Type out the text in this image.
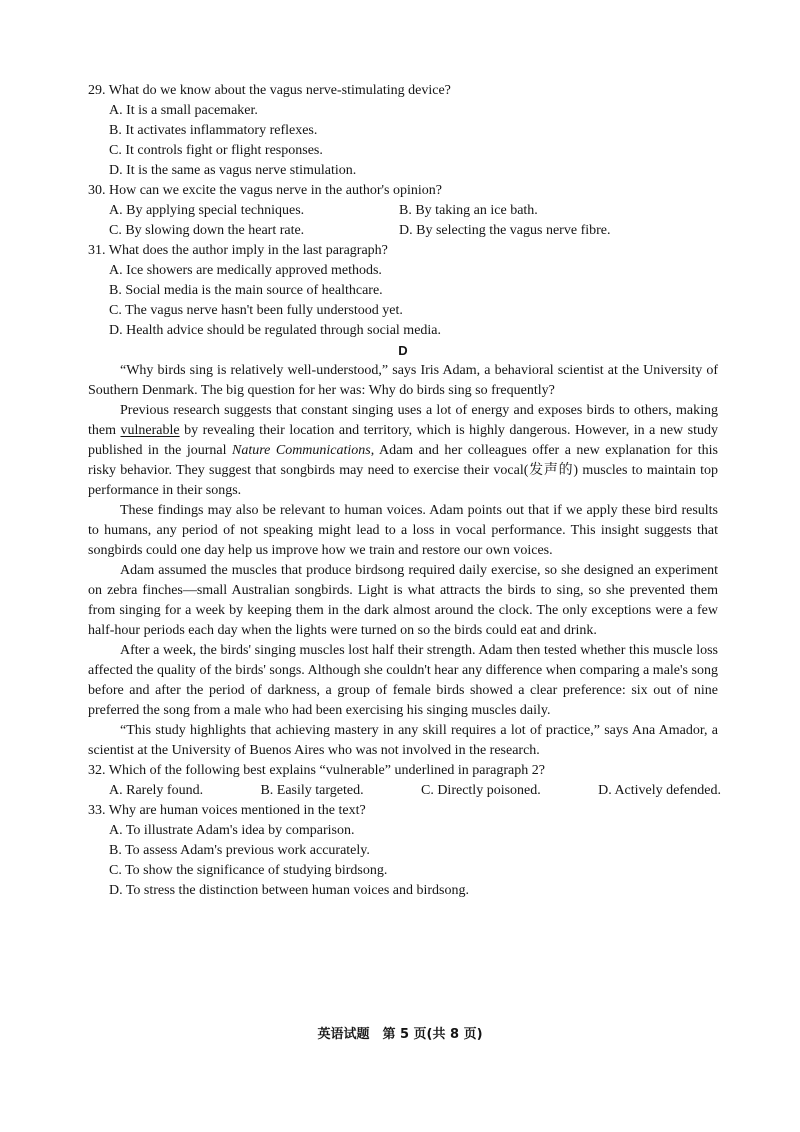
29. What do we know about the vagus nerve-stimulating device?

A. It is a small pacemaker.

B. It activates inflammatory reflexes.

C. It controls fight or flight responses.

D. It is the same as vagus nerve stimulation.

30. How can we excite the vagus nerve in the author's opinion?

A. By applying special techniques.	B. By taking an ice bath.
C. By slowing down the heart rate.	D. By selecting the vagus nerve fibre.

31. What does the author imply in the last paragraph?

A. Ice showers are medically approved methods.

B. Social media is the main source of healthcare.

C. The vagus nerve hasn't been fully understood yet.

D. Health advice should be regulated through social media.

D

“Why birds sing is relatively well-understood,” says Iris Adam, a behavioral scientist at the University of Southern Denmark. The big question for her was: Why do birds sing so frequently?

Previous research suggests that constant singing uses a lot of energy and exposes birds to others, making them vulnerable by revealing their location and territory, which is highly dangerous. However, in a new study published in the journal Nature Communications, Adam and her colleagues offer a new explanation for this risky behavior. They suggest that songbirds may need to exercise their vocal(发声的) muscles to maintain top performance in their songs.

These findings may also be relevant to human voices. Adam points out that if we apply these bird results to humans, any period of not speaking might lead to a loss in vocal performance. This insight suggests that songbirds could one day help us improve how we train and restore our own voices.

Adam assumed the muscles that produce birdsong required daily exercise, so she designed an experiment on zebra finches—small Australian songbirds. Light is what attracts the birds to sing, so she prevented them from singing for a week by keeping them in the dark almost around the clock. The only exceptions were a few half-hour periods each day when the lights were turned on so the birds could eat and drink.

After a week, the birds' singing muscles lost half their strength. Adam then tested whether this muscle loss affected the quality of the birds' songs. Although she couldn't hear any difference when comparing a male's song before and after the period of darkness, a group of female birds showed a clear preference: six out of nine preferred the song from a male who had been exercising his singing muscles daily.

“This study highlights that achieving mastery in any skill requires a lot of practice,” says Ana Amador, a scientist at the University of Buenos Aires who was not involved in the research.

32. Which of the following best explains “vulnerable” underlined in paragraph 2?

A. Rarely found.	B. Easily targeted.	C. Directly poisoned.	D. Actively defended.

33. Why are human voices mentioned in the text?

A. To illustrate Adam's idea by comparison.

B. To assess Adam's previous work accurately.

C. To show the significance of studying birdsong.

D. To stress the distinction between human voices and birdsong.

英语试题　第 5 页(共 8 页)
